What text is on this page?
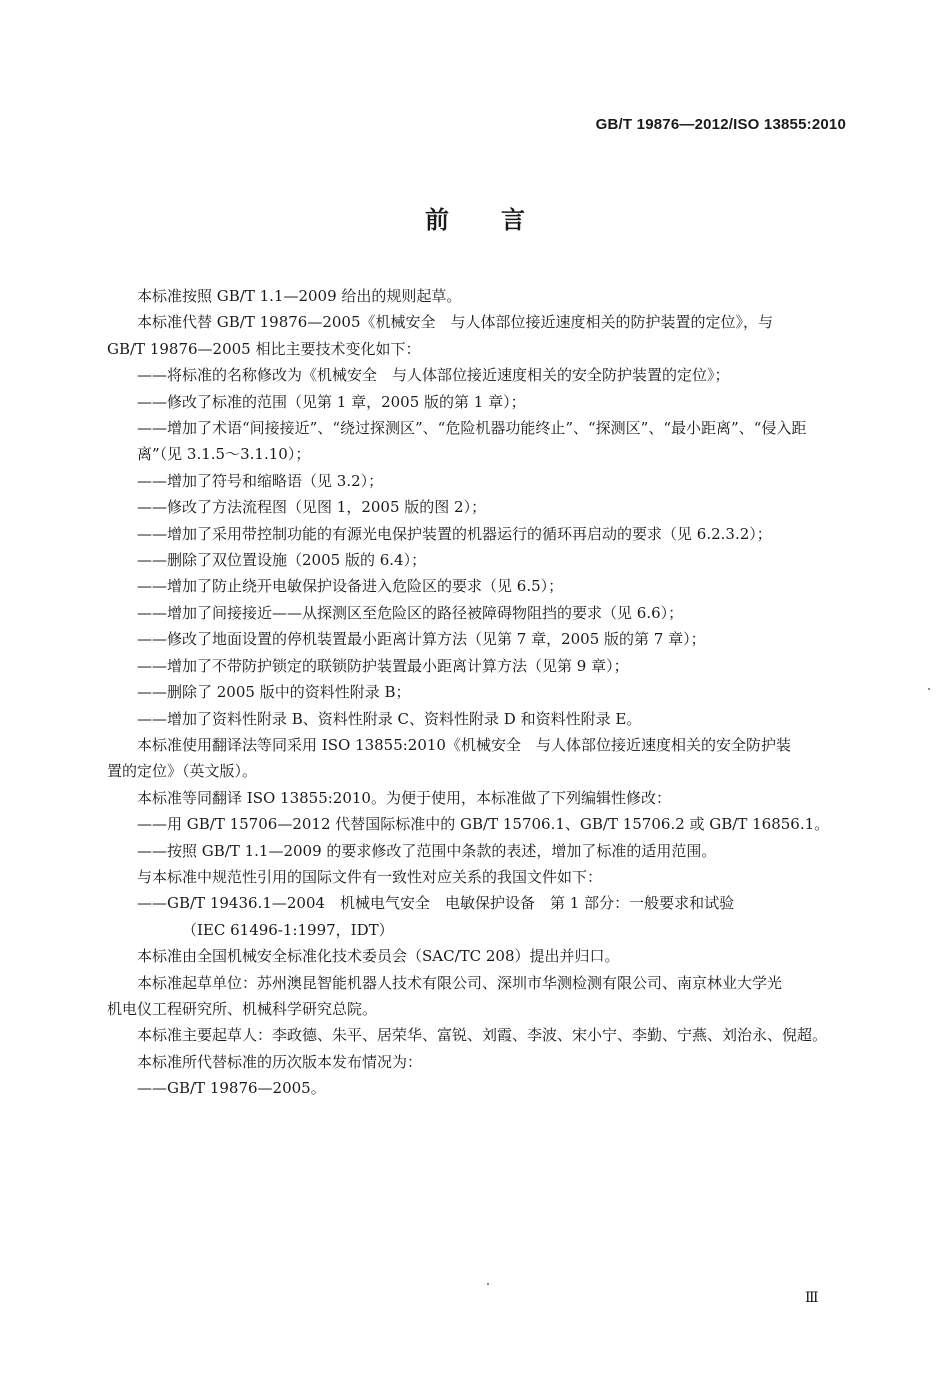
GB/T 19876—2012/ISO 13855:2010
前言

本标准按照 GB/T 1.1—2009 给出的规则起草。

本标准代替 GB/T 19876—2005《机械安全　与人体部位接近速度相关的防护装置的定位》，与

GB/T 19876—2005 相比主要技术变化如下：

——将标准的名称修改为《机械安全　与人体部位接近速度相关的安全防护装置的定位》；

——修改了标准的范围（见第 1 章，2005 版的第 1 章）；

——增加了术语“间接接近”、“绕过探测区”、“危险机器功能终止”、“探测区”、“最小距离”、“侵入距

离”（见 3.1.5～3.1.10）；

——增加了符号和缩略语（见 3.2）；

——修改了方法流程图（见图 1，2005 版的图 2）；

——增加了采用带控制功能的有源光电保护装置的机器运行的循环再启动的要求（见 6.2.3.2）；

——删除了双位置设施（2005 版的 6.4）；

——增加了防止绕开电敏保护设备进入危险区的要求（见 6.5）；

——增加了间接接近——从探测区至危险区的路径被障碍物阻挡的要求（见 6.6）；

——修改了地面设置的停机装置最小距离计算方法（见第 7 章，2005 版的第 7 章）；

——增加了不带防护锁定的联锁防护装置最小距离计算方法（见第 9 章）；

——删除了 2005 版中的资料性附录 B；

——增加了资料性附录 B、资料性附录 C、资料性附录 D 和资料性附录 E。

本标准使用翻译法等同采用 ISO 13855:2010《机械安全　与人体部位接近速度相关的安全防护装

置的定位》（英文版）。

本标准等同翻译 ISO 13855:2010。为便于使用，本标准做了下列编辑性修改：

——用 GB/T 15706—2012 代替国际标准中的 GB/T 15706.1、GB/T 15706.2 或 GB/T 16856.1。

——按照 GB/T 1.1—2009 的要求修改了范围中条款的表述，增加了标准的适用范围。

与本标准中规范性引用的国际文件有一致性对应关系的我国文件如下：

——GB/T 19436.1—2004　机械电气安全　电敏保护设备　第 1 部分：一般要求和试验

（IEC 61496-1:1997，IDT）

本标准由全国机械安全标准化技术委员会（SAC/TC 208）提出并归口。

本标准起草单位：苏州澳昆智能机器人技术有限公司、深圳市华测检测有限公司、南京林业大学光

机电仪工程研究所、机械科学研究总院。

本标准主要起草人：李政德、朱平、居荣华、富锐、刘霞、李波、宋小宁、李勤、宁燕、刘治永、倪超。

本标准所代替标准的历次版本发布情况为：

——GB/T 19876—2005。

Ⅲ
